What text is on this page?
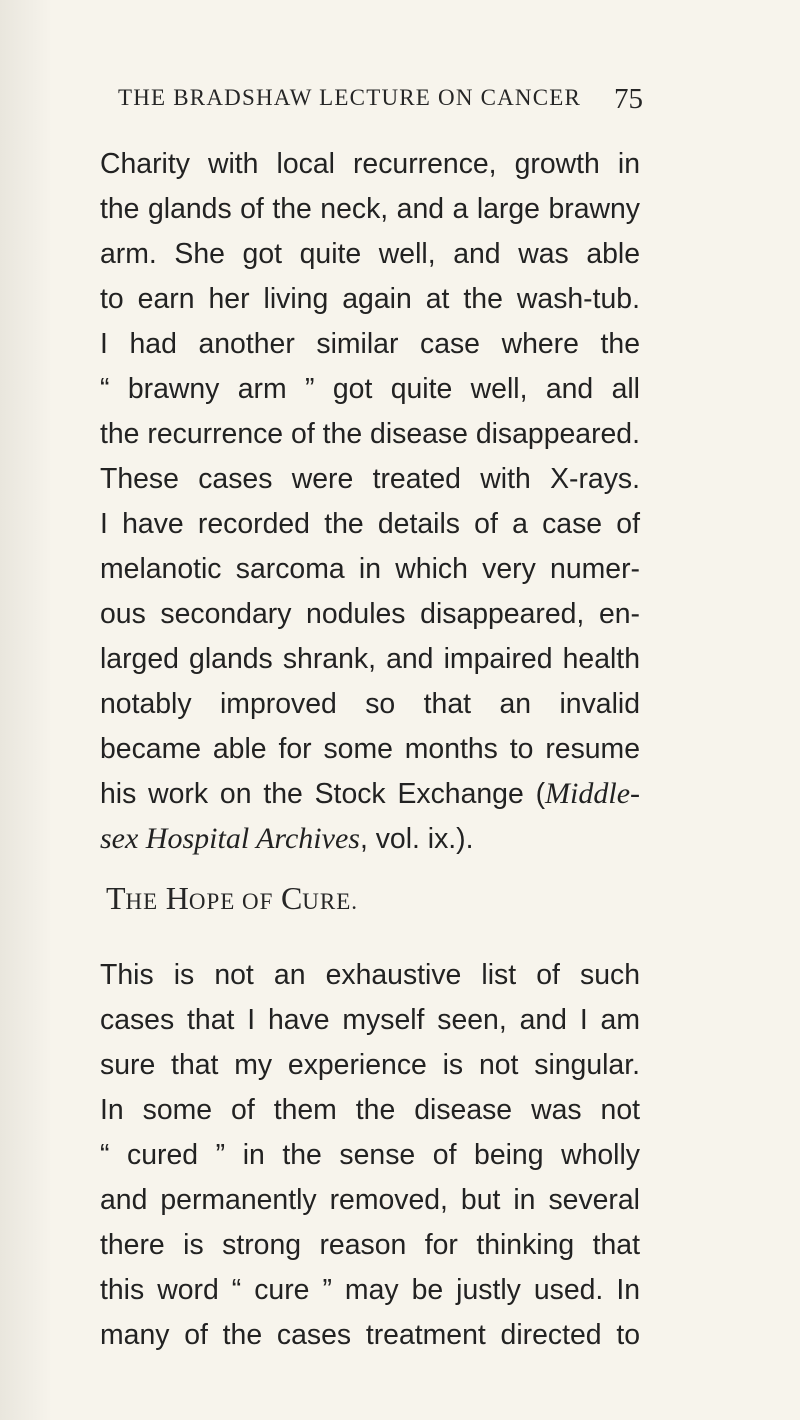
THE BRADSHAW LECTURE ON CANCER	75
Charity with local recurrence, growth in
the glands of the neck, and a large brawny
arm. She got quite well, and was able
to earn her living again at the wash-tub.
I had another similar case where the
“ brawny arm ” got quite well, and all
the recurrence of the disease disappeared.
These cases were treated with X-rays.
I have recorded the details of a case of
melanotic sarcoma in which very numer-
ous secondary nodules disappeared, en-
larged glands shrank, and impaired health
notably improved so that an invalid
became able for some months to resume
his work on the Stock Exchange (Middle-
sex Hospital Archives, vol. ix.).
THE HOPE OF CURE.
This is not an exhaustive list of such
cases that I have myself seen, and I am
sure that my experience is not singular.
In some of them the disease was not
“ cured ” in the sense of being wholly
and permanently removed, but in several
there is strong reason for thinking that
this word “ cure ” may be justly used. In
many of the cases treatment directed to
